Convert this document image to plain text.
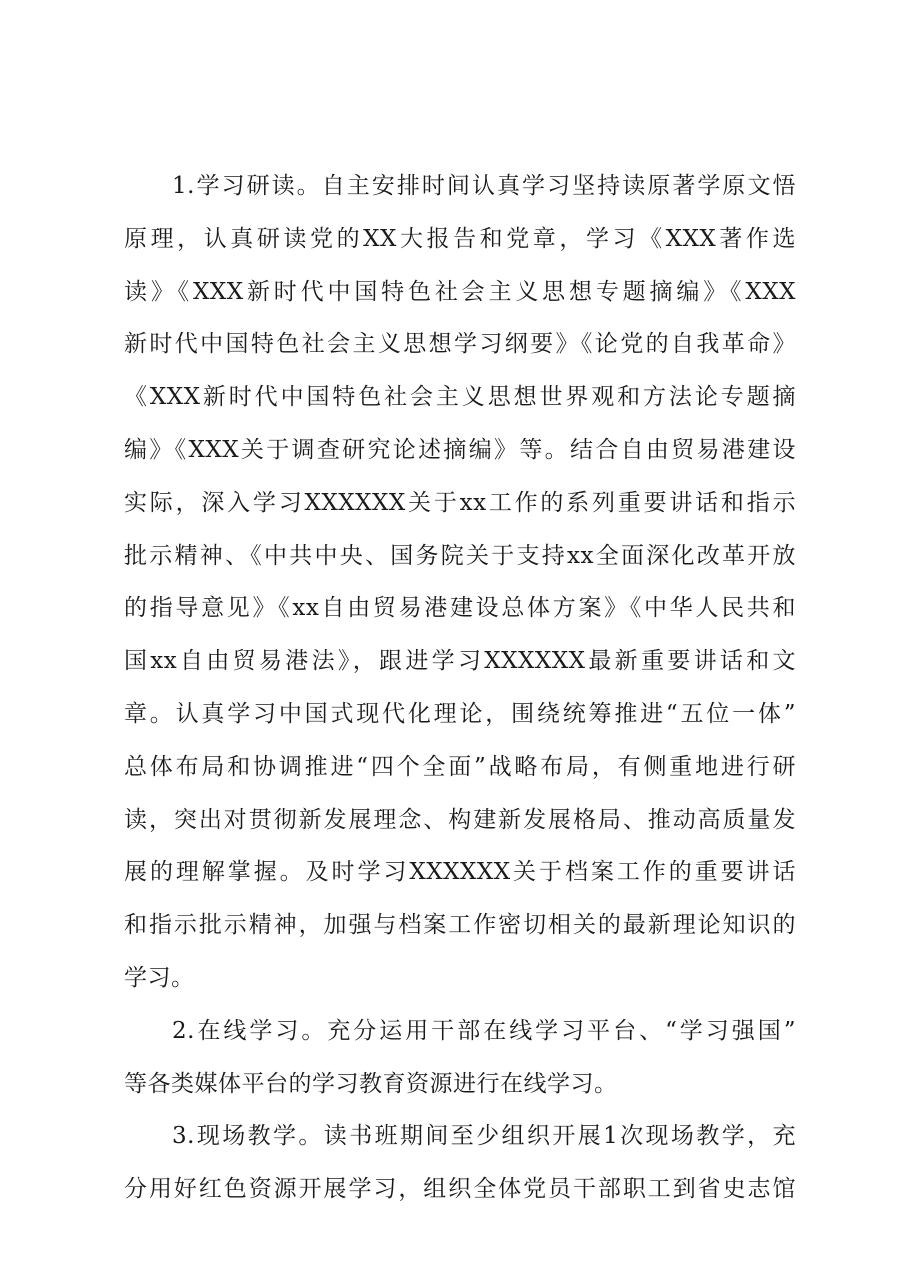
1.学习研读。自主安排时间认真学习坚持读原著学原文悟
原理，认真研读党的XX大报告和党章，学习《XXX著作选
读》《XXX新时代中国特色社会主义思想专题摘编》《XXX
新时代中国特色社会主义思想学习纲要》《论党的自我革命》
《XXX新时代中国特色社会主义思想世界观和方法论专题摘
编》《XXX关于调查研究论述摘编》等。结合自由贸易港建设
实际，深入学习XXXXXX关于xx工作的系列重要讲话和指示
批示精神、《中共中央、国务院关于支持xx全面深化改革开放
的指导意见》《xx自由贸易港建设总体方案》《中华人民共和
国xx自由贸易港法》，跟进学习XXXXXX最新重要讲话和文
章。认真学习中国式现代化理论，围绕统筹推进“五位一体”
总体布局和协调推进“四个全面”战略布局，有侧重地进行研
读，突出对贯彻新发展理念、构建新发展格局、推动高质量发
展的理解掌握。及时学习XXXXXX关于档案工作的重要讲话
和指示批示精神，加强与档案工作密切相关的最新理论知识的
学习。
2.在线学习。充分运用干部在线学习平台、“学习强国”
等各类媒体平台的学习教育资源进行在线学习。
3.现场教学。读书班期间至少组织开展1次现场教学，充
分用好红色资源开展学习，组织全体党员干部职工到省史志馆
